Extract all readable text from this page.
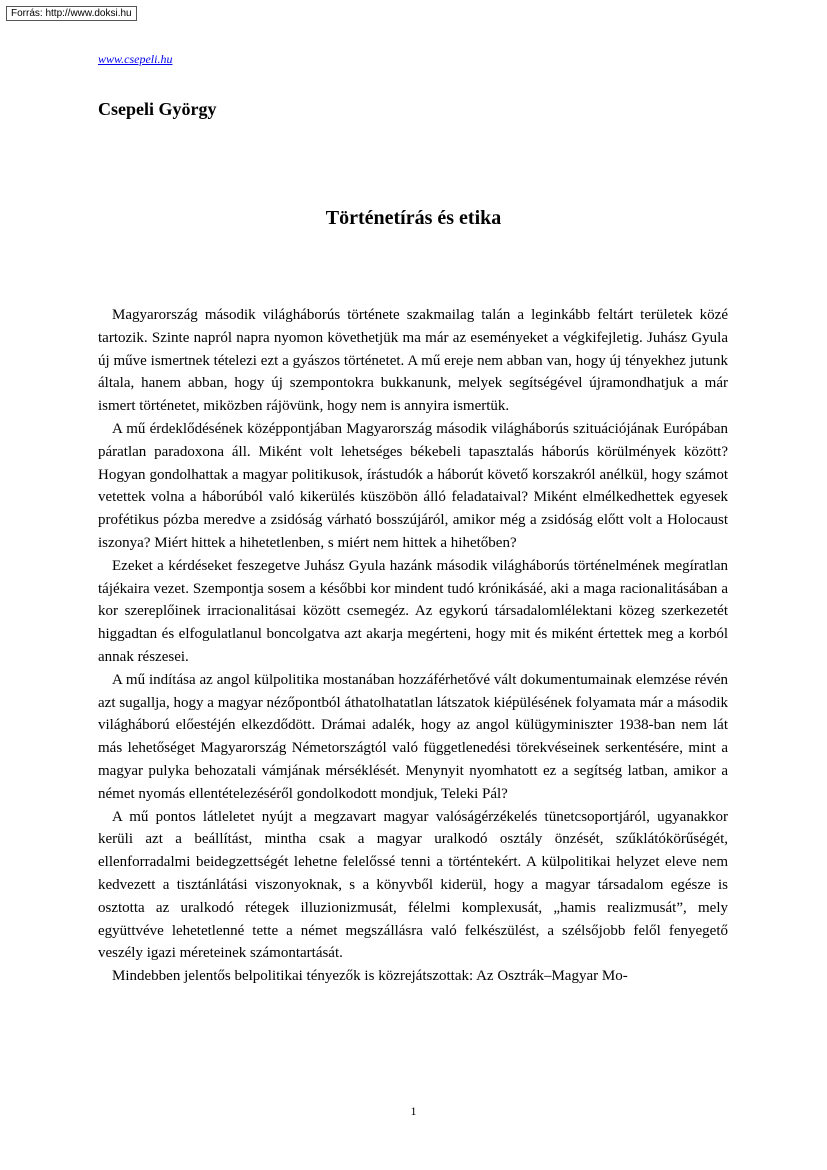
Forrás: http://www.doksi.hu
www.csepeli.hu
Csepeli György
Történetírás és etika

Magyarország második világháborús története szakmailag talán a leginkább feltárt területek közé tartozik. Szinte napról napra nyomon követhetjük ma már az eseményeket a végkifejletig. Juhász Gyula új műve ismertnek tételezi ezt a gyászos történetet. A mű ereje nem abban van, hogy új tényekhez jutunk általa, hanem abban, hogy új szempontokra bukkanunk, melyek segítségével újramondhatjuk a már ismert történetet, miközben rájövünk, hogy nem is annyira ismertük.

A mű érdeklődésének középpontjában Magyarország második világháborús szituációjának Európában páratlan paradoxona áll. Miként volt lehetséges békebeli tapasztalás háborús körülmények között? Hogyan gondolhattak a magyar politikusok, írástudók a háborút követő korszakról anélkül, hogy számot vetettek volna a háborúból való kikerülés küszöbön álló feladataival? Miként elmélkedhettek egyesek profétikus pózba meredve a zsidóság várható bosszújáról, amikor még a zsidóság előtt volt a Holocaust iszonya? Miért hittek a hihetetlenben, s miért nem hittek a hihetőben?

Ezeket a kérdéseket feszegetve Juhász Gyula hazánk második világháborús történelmének megíratlan tájékaira vezet. Szempontja sosem a későbbi kor mindent tudó krónikásáé, aki a maga racionalitásában a kor szereplőinek irracionalitásai között csemegéz. Az egykorú társadalomlélektani közeg szerkezetét higgadtan és elfogulatlanul boncolgatva azt akarja megérteni, hogy mit és miként értettek meg a korból annak részesei.

A mű indítása az angol külpolitika mostanában hozzáférhetővé vált dokumentumainak elemzése révén azt sugallja, hogy a magyar nézőpontból áthatolhatatlan látszatok kiépülésének folyamata már a második világháború előestéjén elkezdődött. Drámai adalék, hogy az angol külügyminiszter 1938-ban nem lát más lehetőséget Magyarország Németországtól való függetlenedési törekvéseinek serkentésére, mint a magyar pulyka behozatali vámjának mérséklését. Menynyit nyomhatott ez a segítség latban, amikor a német nyomás ellentételezéséről gondolkodott mondjuk, Teleki Pál?

A mű pontos látleletet nyújt a megzavart magyar valóságérzékelés tünetcsoportjáról, ugyanakkor kerüli azt a beállítást, mintha csak a magyar uralkodó osztály önzését, szűklátókörűségét, ellenforradalmi beidegzettségét lehetne felelőssé tenni a történtekért. A külpolitikai helyzet eleve nem kedvezett a tisztánlátási viszonyoknak, s a könyvből kiderül, hogy a magyar társadalom egésze is osztotta az uralkodó rétegek illuzionizmusát, félelmi komplexusát, „hamis realizmusát”, mely együttvéve lehetetlenné tette a német megszállásra való felkészülést, a szélsőjobb felől fenyegető veszély igazi méreteinek számontartását.

Mindebben jelentős belpolitikai tényezők is közrejátszottak: Az Osztrák–Magyar Mo-

1
